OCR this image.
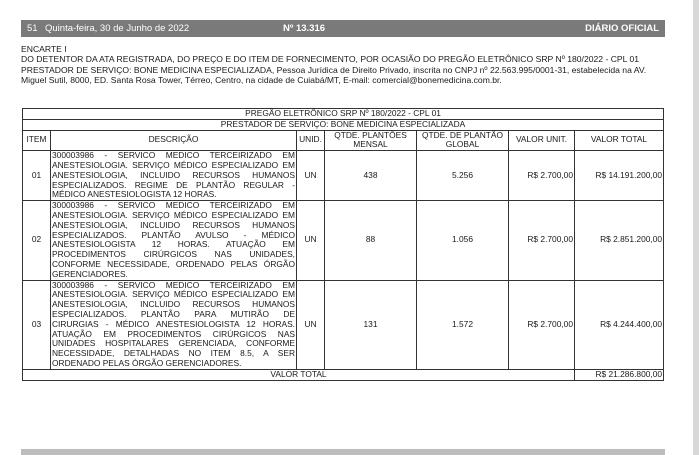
51 Quinta-feira, 30 de Junho de 2022	Nº 13.316	DIÁRIO OFICIAL

ENCARTE I

DO DETENTOR DA ATA REGISTRADA, DO PREÇO E DO ITEM DE FORNECIMENTO, POR OCASIÃO DO PREGÃO ELETRÔNICO SRP Nº 180/2022 - CPL 01

PRESTADOR DE SERVIÇO: BONE MEDICINA ESPECIALIZADA, Pessoa Jurídica de Direito Privado, inscrita no CNPJ nº 22.563.995/0001-31, estabelecida na AV. Miguel Sutil, 8000, ED. Santa Rosa Tower, Térreo, Centro, na cidade de Cuiabá/MT, E-mail: comercial@bonemedicina.com.br.

PREGÃO ELETRÔNICO SRP Nº 180/2022 - CPL 01						
PRESTADOR DE SERVIÇO: BONE MEDICINA ESPECIALIZADA						
ITEM	DESCRIÇÃO	UNID.	QTDE. PLANTÕES MENSAL	QTDE. DE PLANTÃO GLOBAL	VALOR UNIT.	VALOR TOTAL
01	300003986 - SERVICO MEDICO TERCEIRIZADO EM ANESTESIOLOGIA. SERVIÇO MÉDICO ESPECIALIZADO EM ANESTESIOLOGIA, INCLUIDO RECURSOS HUMANOS ESPECIALIZADOS. REGIME DE PLANTÃO REGULAR - MÉDICO ANESTESIOLOGISTA 12 HORAS.	UN	438	5.256	R$ 2.700,00	R$ 14.191.200,00
02	300003986 - SERVICO MEDICO TERCEIRIZADO EM ANESTESIOLOGIA. SERVIÇO MÉDICO ESPECIALIZADO EM ANESTESIOLOGIA, INCLUIDO RECURSOS HUMANOS ESPECIALIZADOS. PLANTÃO AVULSO - MÉDICO ANESTESIOLOGISTA 12 HORAS. ATUAÇÃO EM PROCEDIMENTOS CIRÚRGICOS NAS UNIDADES, CONFORME NECESSIDADE, ORDENADO PELAS ÓRGÃO GERENCIADORES.	UN	88	1.056	R$ 2.700,00	R$ 2.851.200,00
03	300003986 - SERVICO MEDICO TERCEIRIZADO EM ANESTESIOLOGIA. SERVIÇO MÉDICO ESPECIALIZADO EM ANESTESIOLOGIA, INCLUIDO RECURSOS HUMANOS ESPECIALIZADOS. PLANTÃO PARA MUTIRÃO DE CIRURGIAS - MÉDICO ANESTESIOLOGISTA 12 HORAS. ATUAÇÃO EM PROCEDIMENTOS CIRÚRGICOS NAS UNIDADES HOSPITALARES GERENCIADA, CONFORME NECESSIDADE, DETALHADAS NO ITEM 8.5, A SER ORDENADO PELAS ÓRGÃO GERENCIADORES.	UN	131	1.572	R$ 2.700,00	R$ 4.244.400,00
VALOR TOTAL						R$ 21.286.800,00
